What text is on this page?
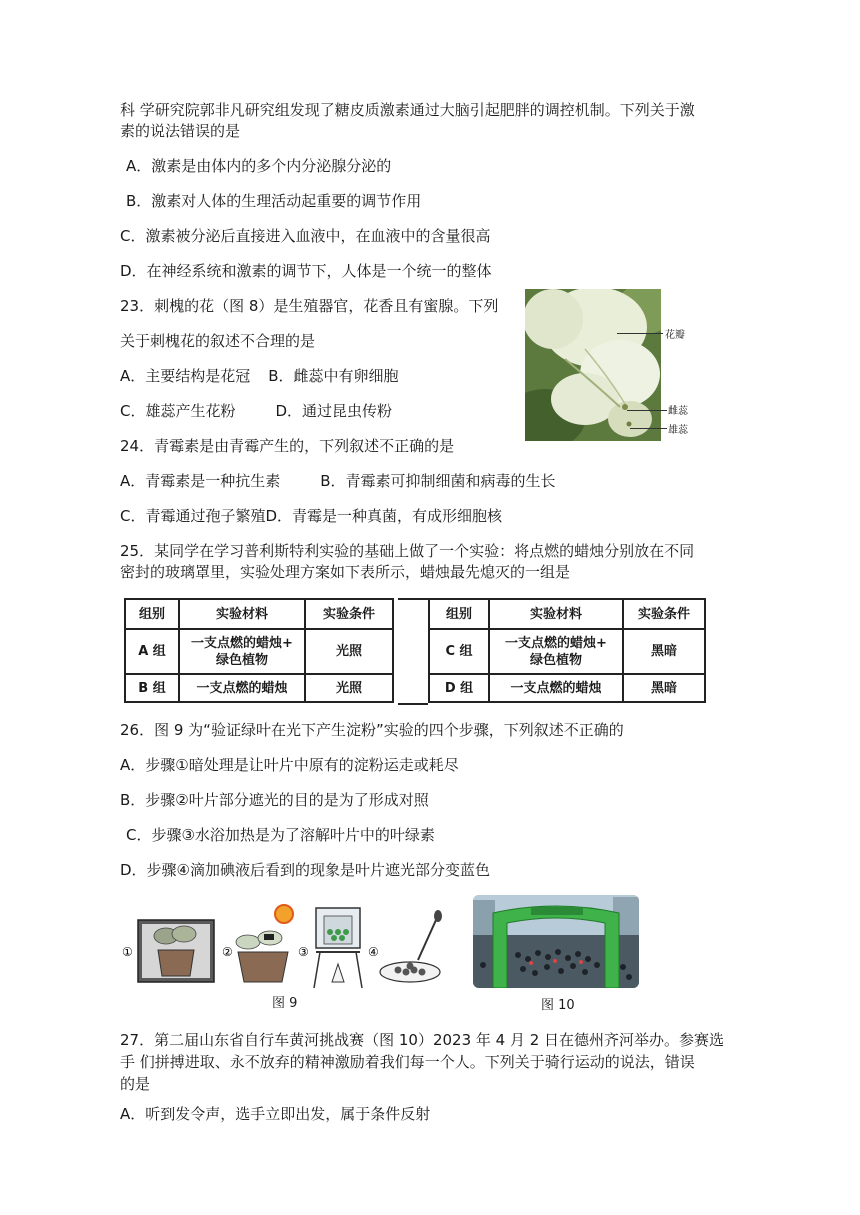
科 学研究院郭非凡研究组发现了糖皮质激素通过大脑引起肥胖的调控机制。下列关于激
素的说法错误的是
A．激素是由体内的多个内分泌腺分泌的
B．激素对人体的生理活动起重要的调节作用
C．激素被分泌后直接进入血液中，在血液中的含量很高
D．在神经系统和激素的调节下，人体是一个统一的整体
23．刺槐的花（图 8）是生殖器官，花香且有蜜腺。下列
关于刺槐花的叙述不合理的是
A．主要结构是花冠 B．雌蕊中有卵细胞
C．雄蕊产生花粉	D．通过昆虫传粉
花瓣
雌蕊
雄蕊
24．青霉素是由青霉产生的，下列叙述不正确的是
A．青霉素是一种抗生素	B．青霉素可抑制细菌和病毒的生长
C．青霉通过孢子繁殖D．青霉是一种真菌，有成形细胞核
25．某同学在学习普利斯特利实验的基础上做了一个实验：将点燃的蜡烛分别放在不同
密封的玻璃罩里，实验处理方案如下表所示，蜡烛最先熄灭的一组是
组别	实验材料	实验条件
A 组	一支点燃的蜡烛+
绿色植物	光照
B 组	一支点燃的蜡烛	光照
组别	实验材料	实验条件
C 组	一支点燃的蜡烛+
绿色植物	黑暗
D 组	一支点燃的蜡烛	黑暗
26．图 9 为“验证绿叶在光下产生淀粉”实验的四个步骤，下列叙述不正确的
A．步骤①暗处理是让叶片中原有的淀粉运走或耗尽
B．步骤②叶片部分遮光的目的是为了形成对照
C．步骤③水浴加热是为了溶解叶片中的叶绿素
D．步骤④滴加碘液后看到的现象是叶片遮光部分变蓝色
①	②	③	④
图 9	图 10
27．第二届山东省自行车黄河挑战赛（图 10）2023 年 4 月 2 日在德州齐河举办。参赛选
手 们拼搏进取、永不放弃的精神激励着我们每一个人。下列关于骑行运动的说法，错误
的是
A．听到发令声，选手立即出发，属于条件反射
